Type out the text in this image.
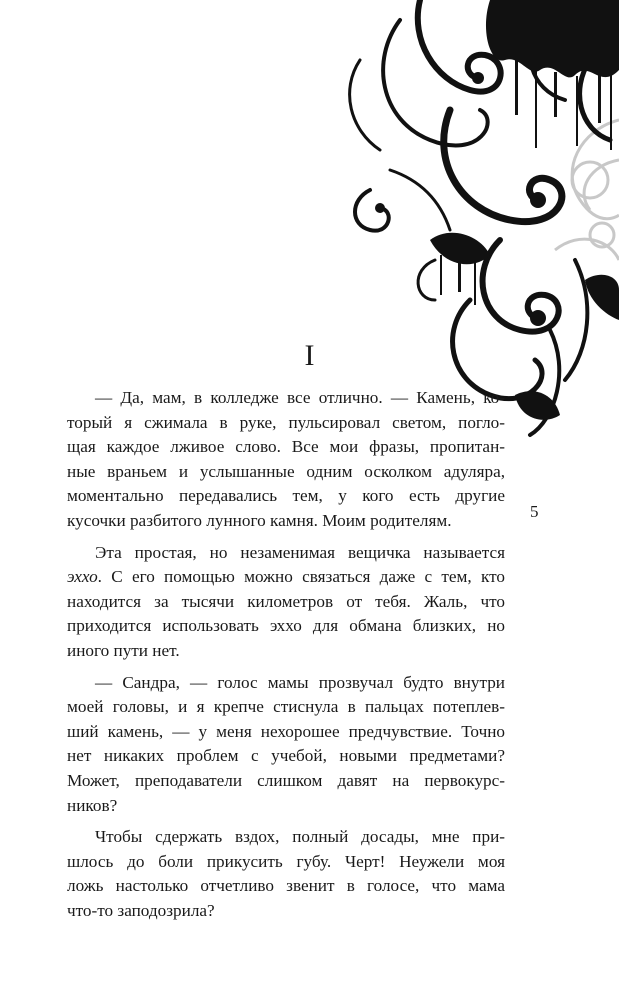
I
5
— Да, мам, в колледже все отлично. — Камень, ко-
торый я сжимала в руке, пульсировал светом, погло-
щая каждое лживое слово. Все мои фразы, пропитан-
ные враньем и услышанные одним осколком адуляра,
моментально передавались тем, у кого есть другие
кусочки разбитого лунного камня. Моим родителям.
Эта простая, но незаменимая вещичка называется
эххо. С его помощью можно связаться даже с тем, кто
находится за тысячи километров от тебя. Жаль, что
приходится использовать эххо для обмана близких, но
иного пути нет.
— Сандра, — голос мамы прозвучал будто внутри
моей головы, и я крепче стиснула в пальцах потеплев-
ший камень, — у меня нехорошее предчувствие. Точно
нет никаких проблем с учебой, новыми предметами?
Может, преподаватели слишком давят на первокурс-
ников?
Чтобы сдержать вздох, полный досады, мне при-
шлось до боли прикусить губу. Черт! Неужели моя
ложь настолько отчетливо звенит в голосе, что мама
что-то заподозрила?
